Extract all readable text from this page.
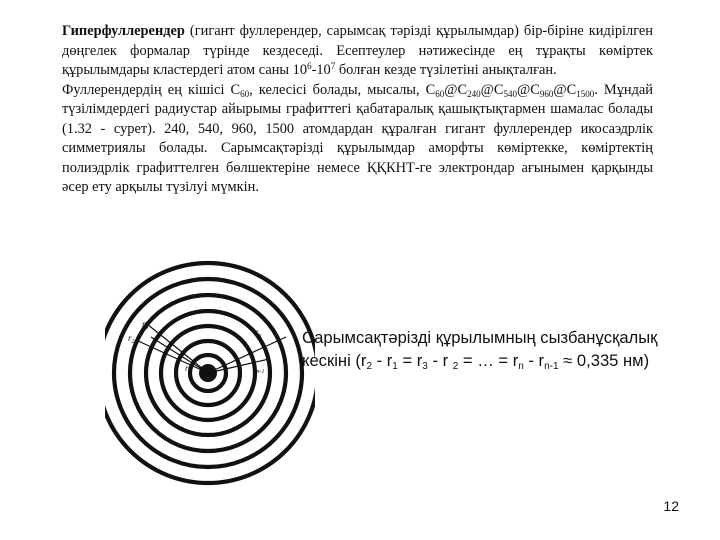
Гиперфуллерендер (гигант фуллерендер, сарымсақ тәрізді құрылымдар) бір-біріне кидірілген дөңгелек формалар түрінде кездеседі. Есептеулер нәтижесінде ең тұрақты көміртек құрылымдары кластердегі атом саны $10^6-10^7$ болған кезде түзілетіні анықталған.

Фуллерендердің ең кішісі $С_{60}$, келесісі болады, мысалы, $С_{60}@С_{240}@С_{540}@С_{960}@С_{1500}$. Мұндай түзілімдердегі радиустар айырымы графиттегі қабатаралық қашықтықтармен шамалас болады (1.32 - сурет). 240, 540, 960, 1500 атомдардан құралған гигант фуллерендер икосаэдрлік симметриялы болады. Сарымсақтәрізді құрылымдар аморфты көміртекке, көміртектің полиэдрлік графиттелген бөлшектеріне немесе ҚҚКНТ-ге электрондар ағынымен қарқынды әсер ету арқылы түзілуі мүмкін.

$r_3$
$r_2$
$r_1$
$r_n$
$r_{n-1}$
Сарымсақтәрізді құрылымның сызбанұсқалық кескіні ($r_2 - r_1 = r_3 - r$ $_2$ = … = $r_n - r_{n-1} \approx 0,335$ нм)
12
